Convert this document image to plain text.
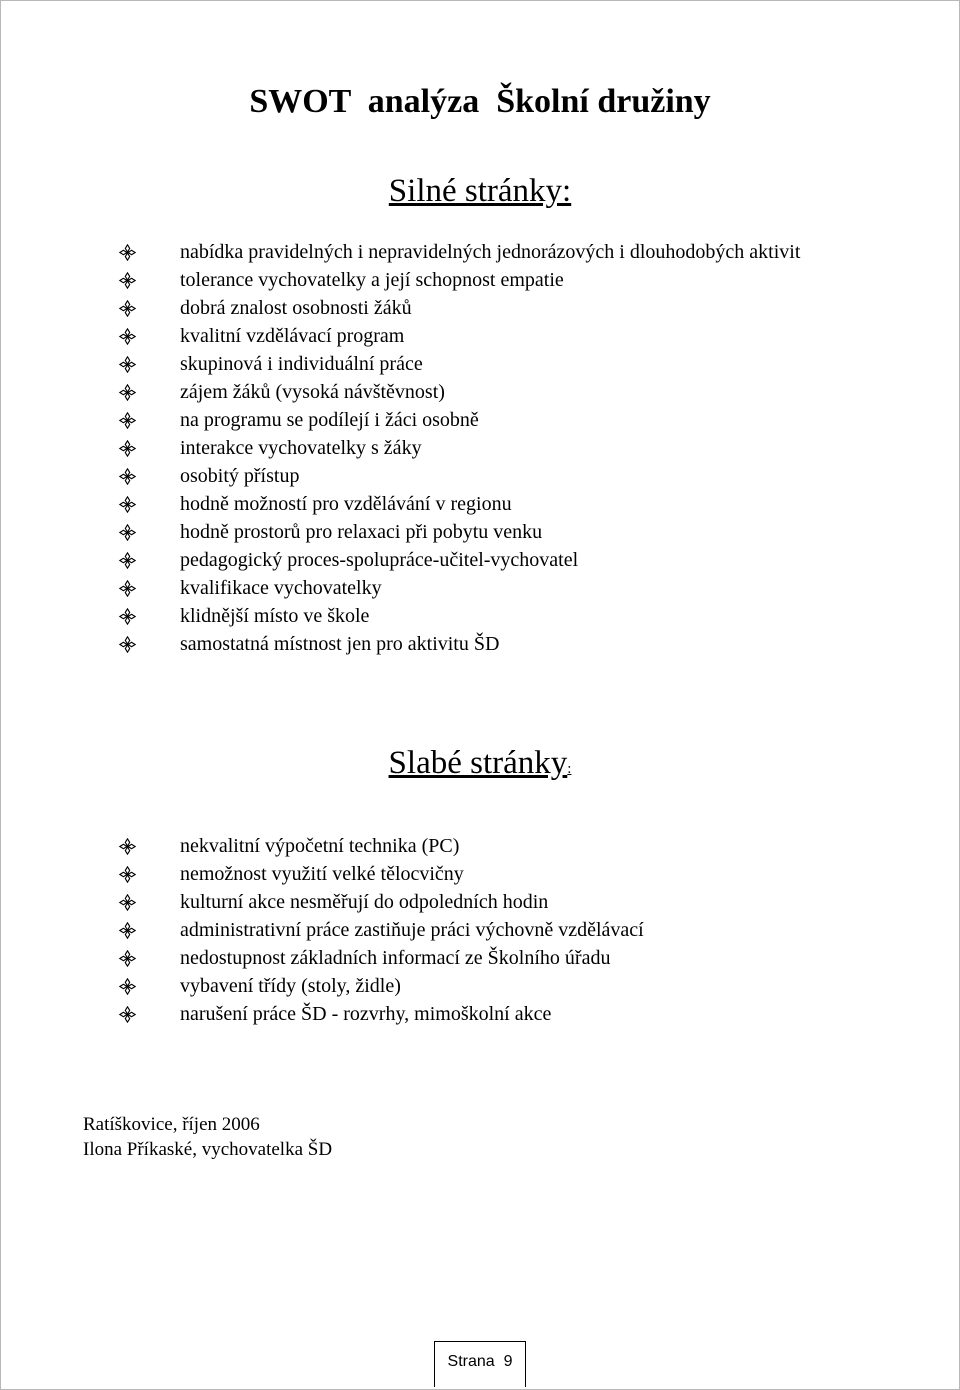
SWOT  analýza  Školní družiny
Silné stránky:
nabídka pravidelných i nepravidelných jednorázových i dlouhodobých aktivit
tolerance vychovatelky a její schopnost empatie
dobrá znalost osobnosti žáků
kvalitní vzdělávací program
skupinová i individuální práce
zájem žáků (vysoká návštěvnost)
na programu se podílejí i žáci osobně
interakce vychovatelky s žáky
osobitý přístup
hodně možností pro vzdělávání v regionu
hodně prostorů pro relaxaci při pobytu venku
pedagogický proces-spolupráce-učitel-vychovatel
kvalifikace vychovatelky
klidnější místo ve škole
samostatná místnost jen pro aktivitu ŠD
Slabé stránky:
nekvalitní výpočetní technika (PC)
nemožnost využití velké tělocvičny
kulturní akce nesměřují do odpoledních hodin
administrativní práce zastiňuje práci výchovně vzdělávací
nedostupnost základních informací ze Školního úřadu
vybavení třídy (stoly, židle)
narušení práce ŠD - rozvrhy, mimoškolní akce
Ratíškovice, říjen 2006
Ilona Příkaské, vychovatelka ŠD
Strana  9
